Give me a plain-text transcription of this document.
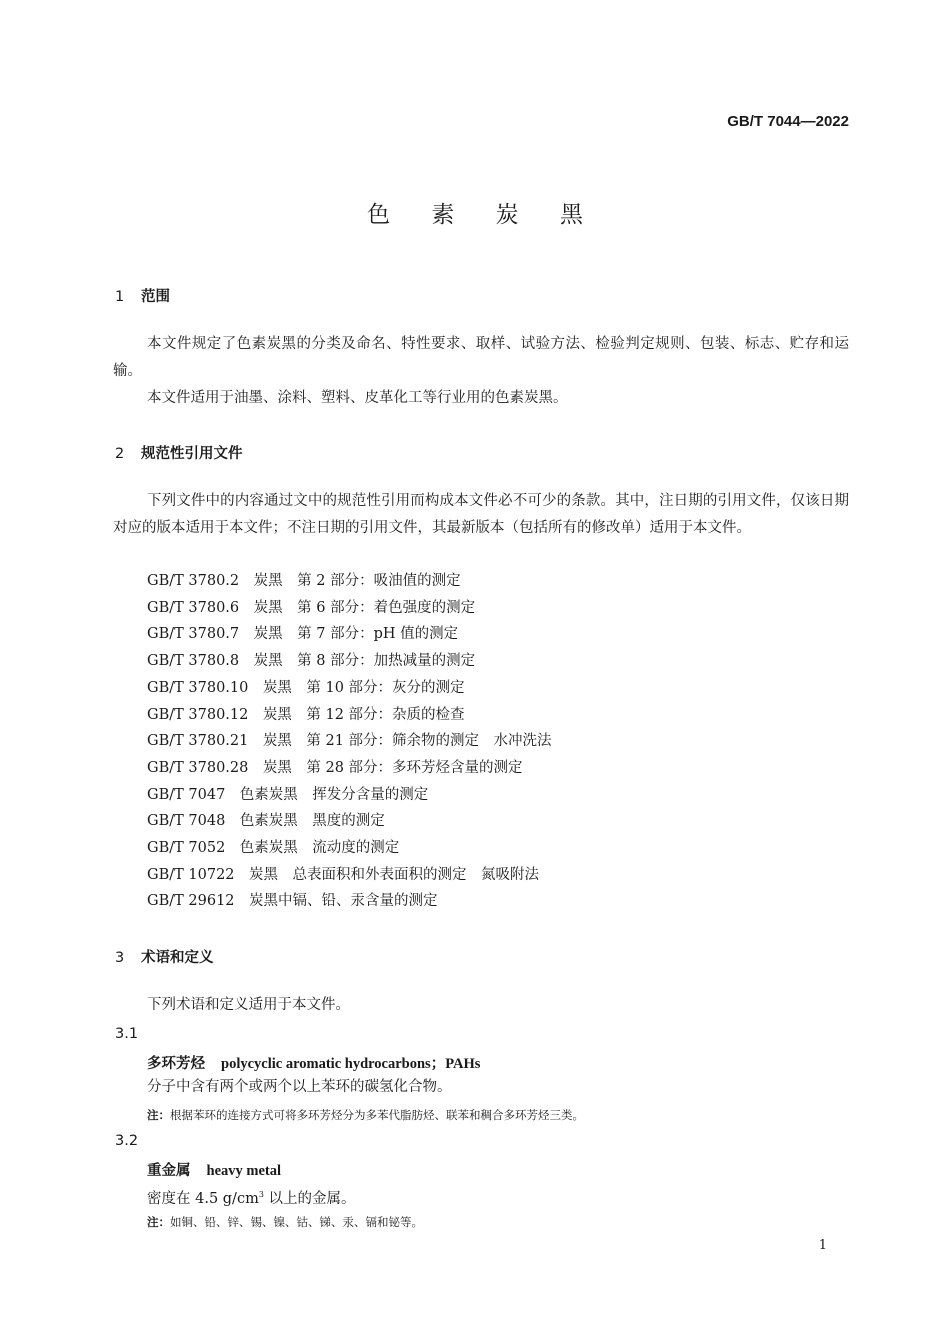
GB/T 7044—2022
色 素 炭 黑
1 范围
本文件规定了色素炭黑的分类及命名、特性要求、取样、试验方法、检验判定规则、包装、标志、贮存和运输。
本文件适用于油墨、涂料、塑料、皮革化工等行业用的色素炭黑。
2 规范性引用文件
下列文件中的内容通过文中的规范性引用而构成本文件必不可少的条款。其中，注日期的引用文件，仅该日期对应的版本适用于本文件；不注日期的引用文件，其最新版本（包括所有的修改单）适用于本文件。
GB/T 3780.2　炭黑　第 2 部分：吸油值的测定
GB/T 3780.6　炭黑　第 6 部分：着色强度的测定
GB/T 3780.7　炭黑　第 7 部分：pH 值的测定
GB/T 3780.8　炭黑　第 8 部分：加热减量的测定
GB/T 3780.10　炭黑　第 10 部分：灰分的测定
GB/T 3780.12　炭黑　第 12 部分：杂质的检查
GB/T 3780.21　炭黑　第 21 部分：筛余物的测定　水冲洗法
GB/T 3780.28　炭黑　第 28 部分：多环芳烃含量的测定
GB/T 7047　色素炭黑　挥发分含量的测定
GB/T 7048　色素炭黑　黑度的测定
GB/T 7052　色素炭黑　流动度的测定
GB/T 10722　炭黑　总表面积和外表面积的测定　氮吸附法
GB/T 29612　炭黑中镉、铅、汞含量的测定
3 术语和定义
下列术语和定义适用于本文件。
3.1
多环芳烃 polycyclic aromatic hydrocarbons；PAHs
分子中含有两个或两个以上苯环的碳氢化合物。
注：根据苯环的连接方式可将多环芳烃分为多苯代脂肪烃、联苯和稠合多环芳烃三类。
3.2
重金属 heavy metal
密度在 4.5 $g/cm^3$ 以上的金属。
注：如铜、铅、锌、锡、镍、钴、锑、汞、镉和铋等。
1
